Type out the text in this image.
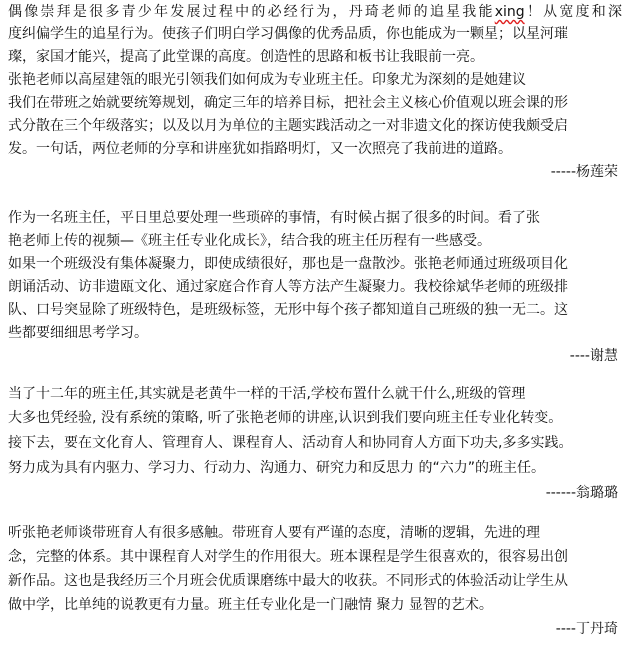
偶像崇拜是很多青少年发展过程中的必经行为，丹琦老师的追星我能xing！从宽度和深
度纠偏学生的追星行为。使孩子们明白学习偶像的优秀品质，你也能成为一颗星；以星河璀
璨，家国才能兴，提高了此堂课的高度。创造性的思路和板书让我眼前一亮。
张艳老师以高屋建瓴的眼光引领我们如何成为专业班主任。印象尤为深刻的是她建议
我们在带班之始就要统筹规划，确定三年的培养目标，把社会主义核心价值观以班会课的形
式分散在三个年级落实；以及以月为单位的主题实践活动之一对非遗文化的探访使我颇受启
发。一句话，两位老师的分享和讲座犹如指路明灯，又一次照亮了我前进的道路。
-----杨莲荣
作为一名班主任，平日里总要处理一些琐碎的事情，有时候占据了很多的时间。看了张
艳老师上传的视频—《班主任专业化成长》，结合我的班主任历程有一些感受。
如果一个班级没有集体凝聚力，即使成绩很好，那也是一盘散沙。张艳老师通过班级项目化
朗诵活动、访非遗瓯文化、通过家庭合作育人等方法产生凝聚力。我校徐斌华老师的班级排
队、口号突显除了班级特色，是班级标签，无形中每个孩子都知道自己班级的独一无二。这
些都要细细思考学习。
----谢慧
当了十二年的班主任,其实就是老黄牛一样的干活,学校布置什么就干什么,班级的管理
大多也凭经验, 没有系统的策略, 听了张艳老师的讲座,认识到我们要向班主任专业化转变。
接下去，要在文化育人、管理育人、课程育人、活动育人和协同育人方面下功夫,多多实践。
努力成为具有内驱力、学习力、行动力、沟通力、研究力和反思力 的“六力”的班主任。
------翁璐璐
听张艳老师谈带班育人有很多感触。带班育人要有严谨的态度，清晰的逻辑，先进的理
念，完整的体系。其中课程育人对学生的作用很大。班本课程是学生很喜欢的，很容易出创
新作品。这也是我经历三个月班会优质课磨练中最大的收获。不同形式的体验活动让学生从
做中学，比单纯的说教更有力量。班主任专业化是一门融情 聚力 显智的艺术。
----丁丹琦
